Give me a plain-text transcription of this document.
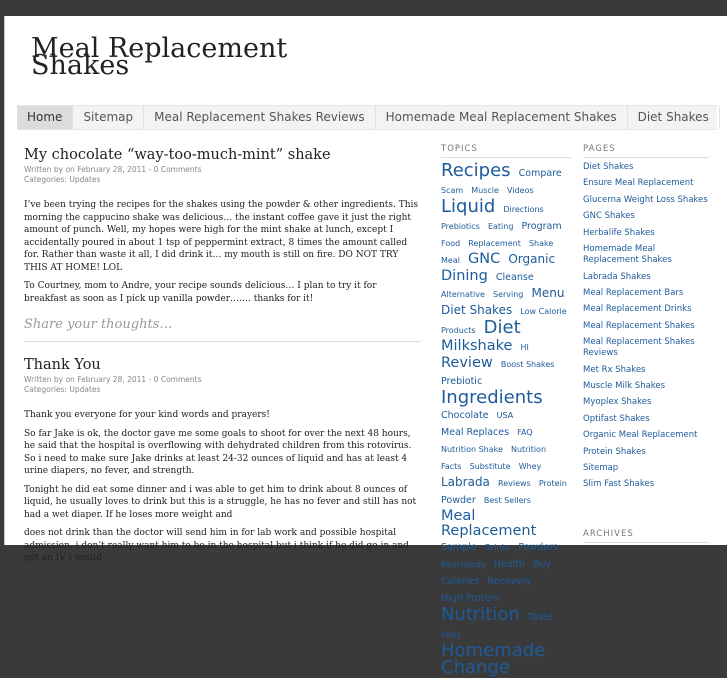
Meal Replacement Shakes
Home	Sitemap	Meal Replacement Shakes Reviews	Homemade Meal Replacement Shakes	Diet Shakes
My chocolate “way-too-much-mint” shake
Written by on February 28, 2011 - 0 Comments
Categories: Updates

I’ve been trying the recipes for the shakes using the powder & other ingredients. This morning the cappucino shake was delicious… the instant coffee gave it just the right amount of punch. Well, my hopes were high for the mint shake at lunch, except I accidentally poured in about 1 tsp of peppermint extract, 8 times the amount called for. Rather than waste it all, I did drink it… my mouth is still on fire. DO NOT TRY THIS AT HOME! LOL

To Courtney, mom to Andre, your recipe sounds delicious… I plan to try it for breakfast as soon as I pick up vanilla powder……. thanks for it!

Share your thoughts…
Thank You
Written by on February 28, 2011 - 0 Comments
Categories: Updates

Thank you everyone for your kind words and prayers!

So far Jake is ok, the doctor gave me some goals to shoot for over the next 48 hours, he said that the hospital is overflowing with dehydrated children from this rotovirus. So i need to make sure Jake drinks at least 24-32 ounces of liquid and has at least 4 urine diapers, no fever, and strength.

Tonight he did eat some dinner and i was able to get him to drink about 8 ounces of liquid, he usually loves to drink but this is a struggle, he has no fever and still has not had a wet diaper. If he loses more weight and

does not drink than the doctor will send him in for lab work and possible hospital admission, i don’t really want him to be in the hospital but i think if he did go in and got an IV i would

TOPICS
Recipes Compare Scam Muscle Videos Liquid Directions Prebiotics Eating Program Food Replacement Shake Meal GNC Organic Dining Cleanse Alternative Serving Menu Diet Shakes Low Calorie Products Diet Milkshake HI Review Boost Shakes Prebiotic Ingredients Chocolate USA Meal Replaces FAQ Nutrition Shake Nutrition Facts Substitute Whey Labrada Reviews Protein Powder Best Sellers Meal Replacement Sample Drinks Powders Beachbody Health Buy Calories Recovery High Protein Nutrition Taste eBay Homemade Change
PAGES
Diet Shakes
Ensure Meal Replacement
Glucerna Weight Loss Shakes
GNC Shakes
Herbalife Shakes
Homemade Meal Replacement Shakes
Labrada Shakes
Meal Replacement Bars
Meal Replacement Drinks
Meal Replacement Shakes
Meal Replacement Shakes Reviews
Met Rx Shakes
Muscle Milk Shakes
Myoplex Shakes
Optifast Shakes
Organic Meal Replacement
Protein Shakes
Sitemap
Slim Fast Shakes
ARCHIVES
